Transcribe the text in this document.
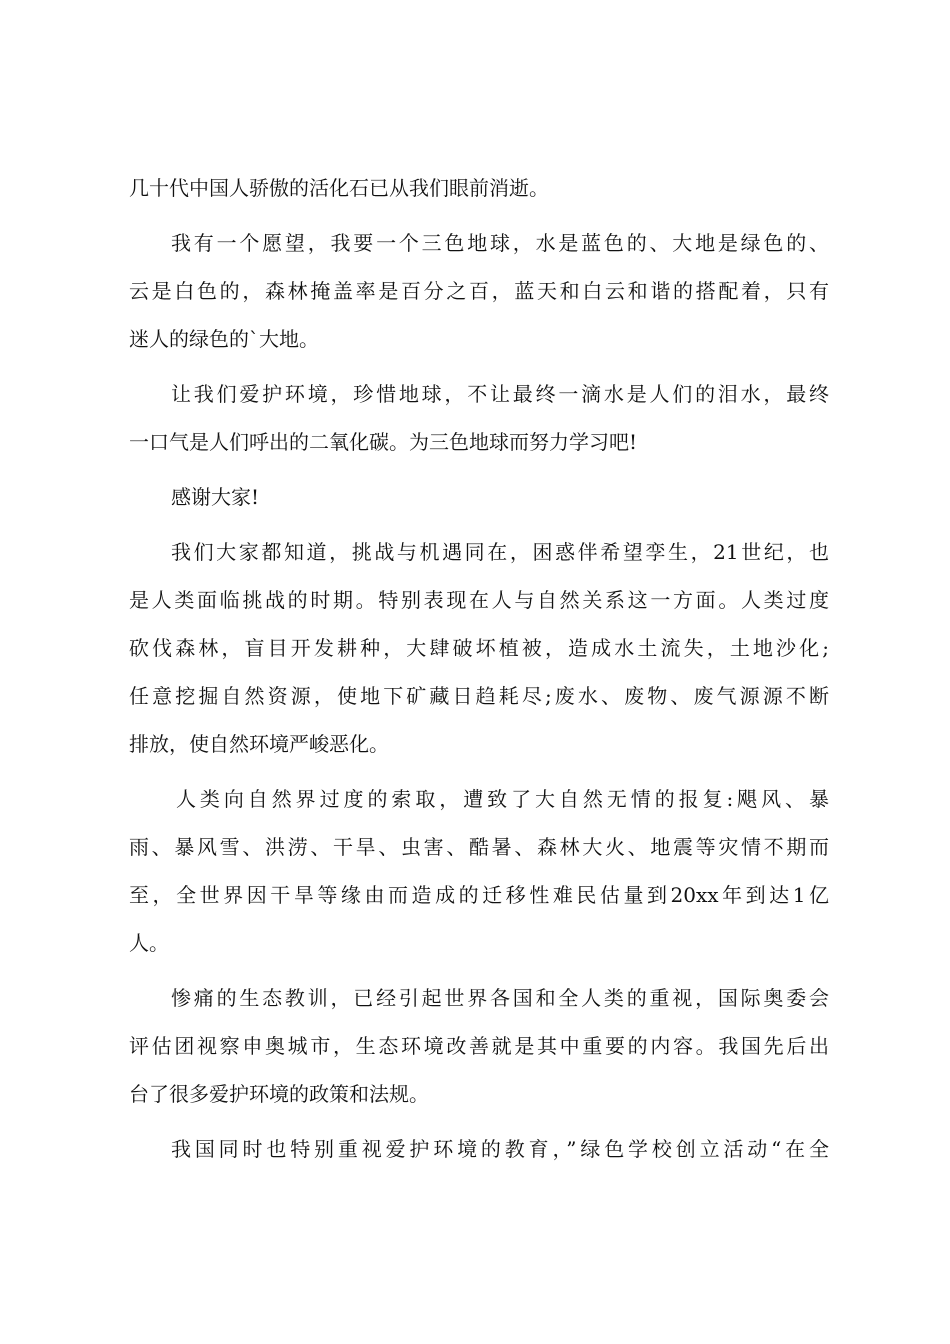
几十代中国人骄傲的活化石已从我们眼前消逝。
我有一个愿望，我要一个三色地球，水是蓝色的、大地是绿色的、
云是白色的，森林掩盖率是百分之百，蓝天和白云和谐的搭配着，只有
迷人的绿色的`大地。
让我们爱护环境，珍惜地球，不让最终一滴水是人们的泪水，最终
一口气是人们呼出的二氧化碳。为三色地球而努力学习吧!
感谢大家!
我们大家都知道，挑战与机遇同在，困惑伴希望孪生，21世纪，也
是人类面临挑战的时期。特别表现在人与自然关系这一方面。人类过度
砍伐森林，盲目开发耕种，大肆破坏植被，造成水土流失，土地沙化;
任意挖掘自然资源，使地下矿藏日趋耗尽;废水、废物、废气源源不断
排放，使自然环境严峻恶化。
人类向自然界过度的索取，遭致了大自然无情的报复:飓风、暴
雨、暴风雪、洪涝、干旱、虫害、酷暑、森林大火、地震等灾情不期而
至，全世界因干旱等缘由而造成的迁移性难民估量到20xx年到达1亿
人。
惨痛的生态教训，已经引起世界各国和全人类的重视，国际奥委会
评估团视察申奥城市，生态环境改善就是其中重要的内容。我国先后出
台了很多爱护环境的政策和法规。
我国同时也特别重视爱护环境的教育，”绿色学校创立活动“在全
